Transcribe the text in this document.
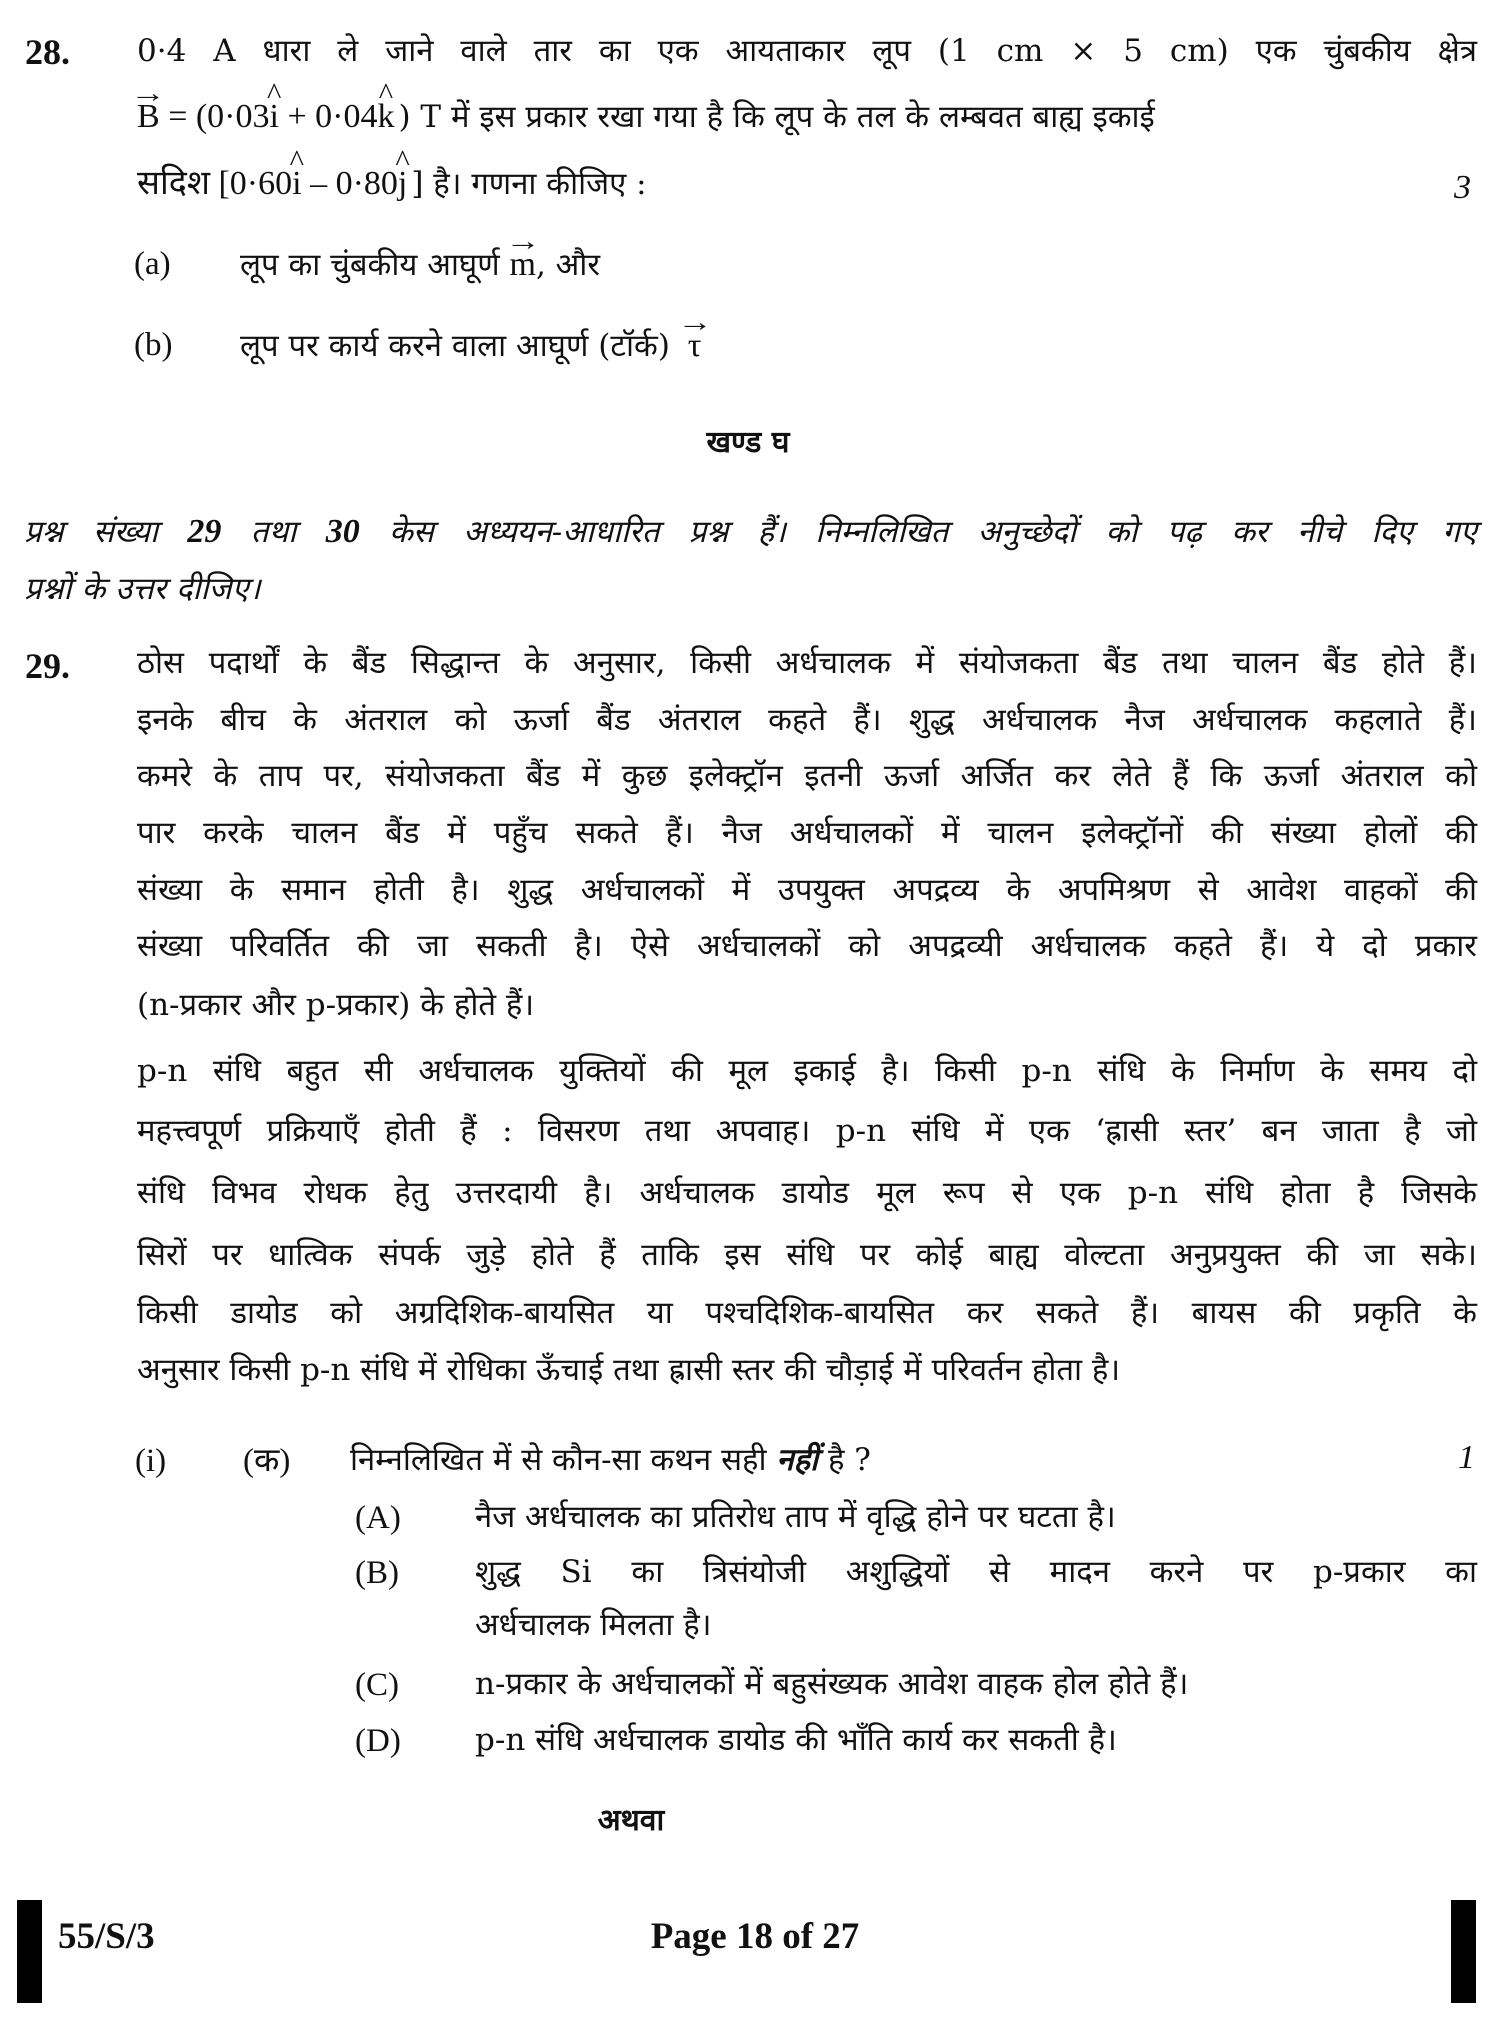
28. 0·4 A धारा ले जाने वाले तार का एक आयताकार लूप (1 cm × 5 cm) एक चुंबकीय क्षेत्र
→ B = (0·03^ i + 0·04^ k ) T में इस प्रकार रखा गया है कि लूप के तल के लम्बवत बाह्य इकाई
सदिश [0·60^ i – 0·80^ j ] है। गणना कीजिए :	3
(a) लूप का चुंबकीय आघूर्ण → m, और
(b) लूप पर कार्य करने वाला आघूर्ण (टॉर्क) → τ
खण्ड घ
प्रश्न संख्या 29 तथा 30 केस अध्ययन-आधारित प्रश्न हैं। निम्नलिखित अनुच्छेदों को पढ़ कर नीचे दिए गए
प्रश्नों के उत्तर दीजिए।
29. ठोस पदार्थों के बैंड सिद्धान्त के अनुसार, किसी अर्धचालक में संयोजकता बैंड तथा चालन बैंड होते हैं।
इनके बीच के अंतराल को ऊर्जा बैंड अंतराल कहते हैं। शुद्ध अर्धचालक नैज अर्धचालक कहलाते हैं।
कमरे के ताप पर, संयोजकता बैंड में कुछ इलेक्ट्रॉन इतनी ऊर्जा अर्जित कर लेते हैं कि ऊर्जा अंतराल को
पार करके चालन बैंड में पहुँच सकते हैं। नैज अर्धचालकों में चालन इलेक्ट्रॉनों की संख्या होलों की
संख्या के समान होती है। शुद्ध अर्धचालकों में उपयुक्त अपद्रव्य के अपमिश्रण से आवेश वाहकों की
संख्या परिवर्तित की जा सकती है। ऐसे अर्धचालकों को अपद्रव्यी अर्धचालक कहते हैं। ये दो प्रकार
(n-प्रकार और p-प्रकार) के होते हैं।
p-n संधि बहुत सी अर्धचालक युक्तियों की मूल इकाई है। किसी p-n संधि के निर्माण के समय दो
महत्त्वपूर्ण प्रक्रियाएँ होती हैं : विसरण तथा अपवाह। p-n संधि में एक ‘ह्रासी स्तर’ बन जाता है जो
संधि विभव रोधक हेतु उत्तरदायी है। अर्धचालक डायोड मूल रूप से एक p-n संधि होता है जिसके
सिरों पर धात्विक संपर्क जुड़े होते हैं ताकि इस संधि पर कोई बाह्य वोल्टता अनुप्रयुक्त की जा सके।
किसी डायोड को अग्रदिशिक-बायसित या पश्चदिशिक-बायसित कर सकते हैं। बायस की प्रकृति के
अनुसार किसी p-n संधि में रोधिका ऊँचाई तथा ह्रासी स्तर की चौड़ाई में परिवर्तन होता है।
(i) (क) निम्नलिखित में से कौन-सा कथन सही नहीं है ?	1
(A) नैज अर्धचालक का प्रतिरोध ताप में वृद्धि होने पर घटता है।
(B) शुद्ध Si का त्रिसंयोजी अशुद्धियों से मादन करने पर p-प्रकार का
अर्धचालक मिलता है।
(C) n-प्रकार के अर्धचालकों में बहुसंख्यक आवेश वाहक होल होते हैं।
(D) p-n संधि अर्धचालक डायोड की भाँति कार्य कर सकती है।
अथवा
55/S/3	Page 18 of 27
